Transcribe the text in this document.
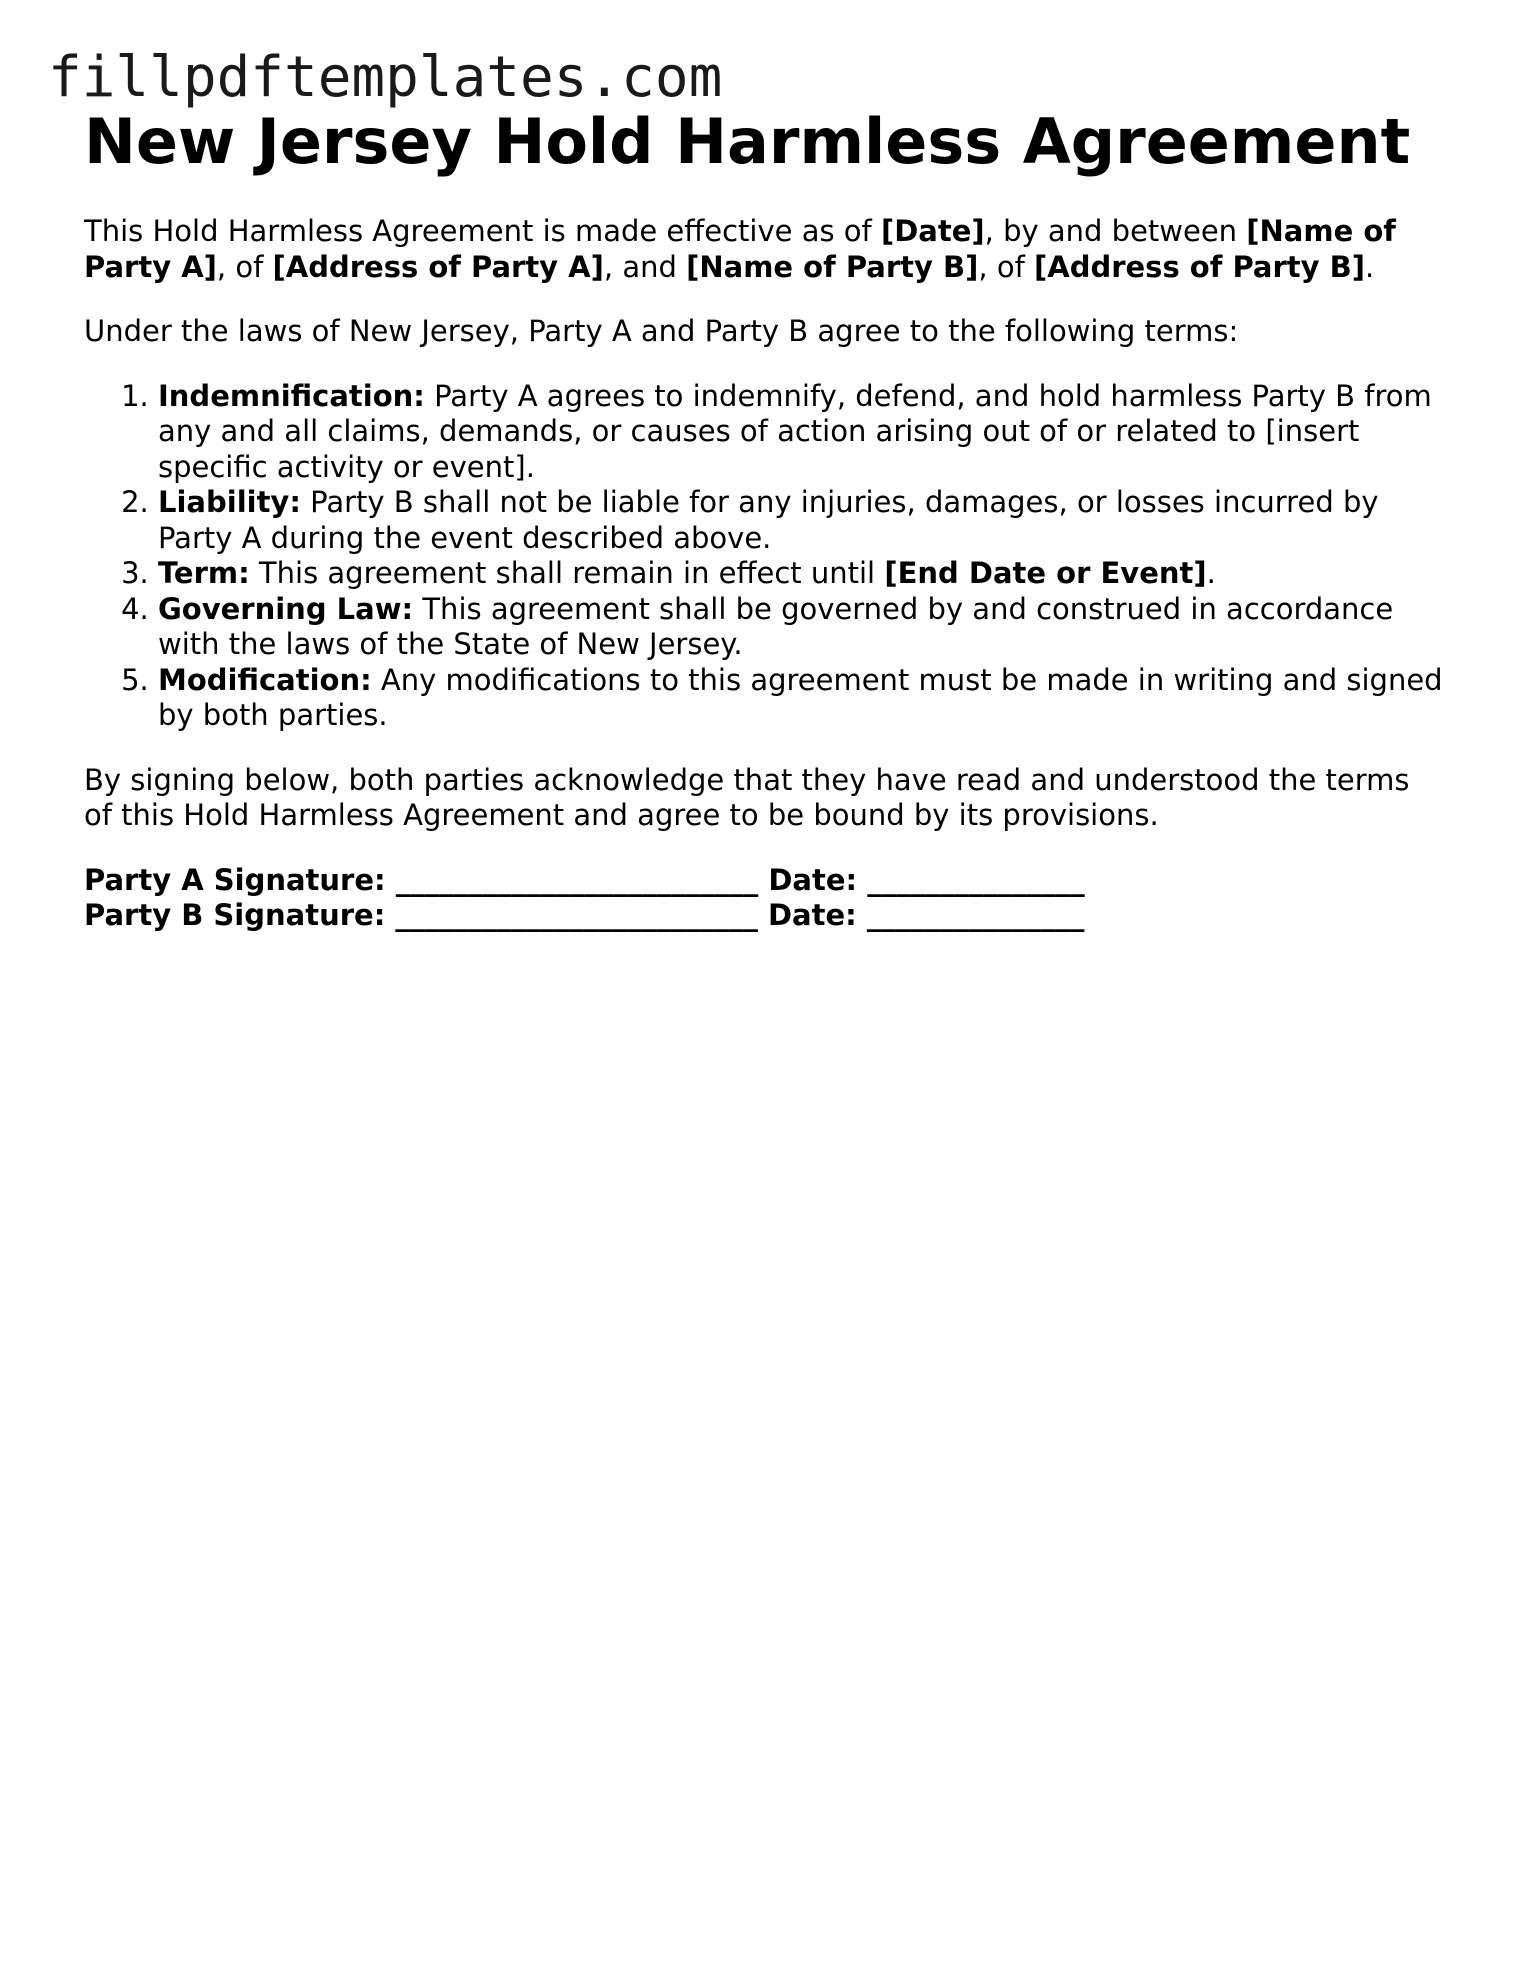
fillpdftemplates.com
New Jersey Hold Harmless Agreement

This Hold Harmless Agreement is made effective as of [Date], by and between [Name of Party A], of [Address of Party A], and [Name of Party B], of [Address of Party B].

Under the laws of New Jersey, Party A and Party B agree to the following terms:

1. Indemnification: Party A agrees to indemnify, defend, and hold harmless Party B from any and all claims, demands, or causes of action arising out of or related to [insert specific activity or event].
2. Liability: Party B shall not be liable for any injuries, damages, or losses incurred by Party A during the event described above.
3. Term: This agreement shall remain in effect until [End Date or Event].
4. Governing Law: This agreement shall be governed by and construed in accordance with the laws of the State of New Jersey.
5. Modification: Any modifications to this agreement must be made in writing and signed by both parties.

By signing below, both parties acknowledge that they have read and understood the terms of this Hold Harmless Agreement and agree to be bound by its provisions.

Party A Signature: _________________________ Date: _______________
Party B Signature: _________________________ Date: _______________
